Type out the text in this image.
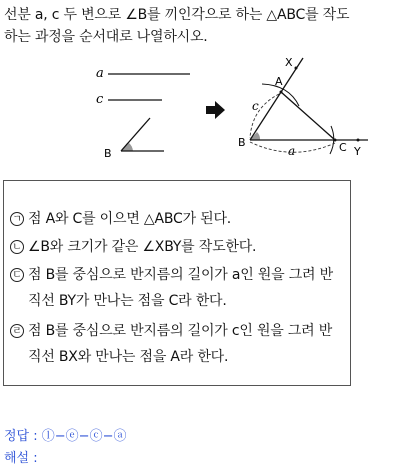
선분 a, c 두 변으로 ∠B를 끼인각으로 하는 △ABC를 작도
하는 과정을 순서대로 나열하시오.
a
c
B
X
A
B	C Y
c
a
ㄱ 점 A와 C를 이으면 △ABC가 된다.
ㄴ ∠B와 크기가 같은 ∠XBY를 작도한다.
ㄷ 점 B를 중심으로 반지름의 길이가 a인 원을 그려 반
직선 BY가 만나는 점을 C라 한다.
ㄹ 점 B를 중심으로 반지름의 길이가 c인 원을 그려 반
직선 BX와 만나는 점을 A라 한다.
정답 : ⓛ−ⓔ−ⓒ−ⓐ
해설 :
